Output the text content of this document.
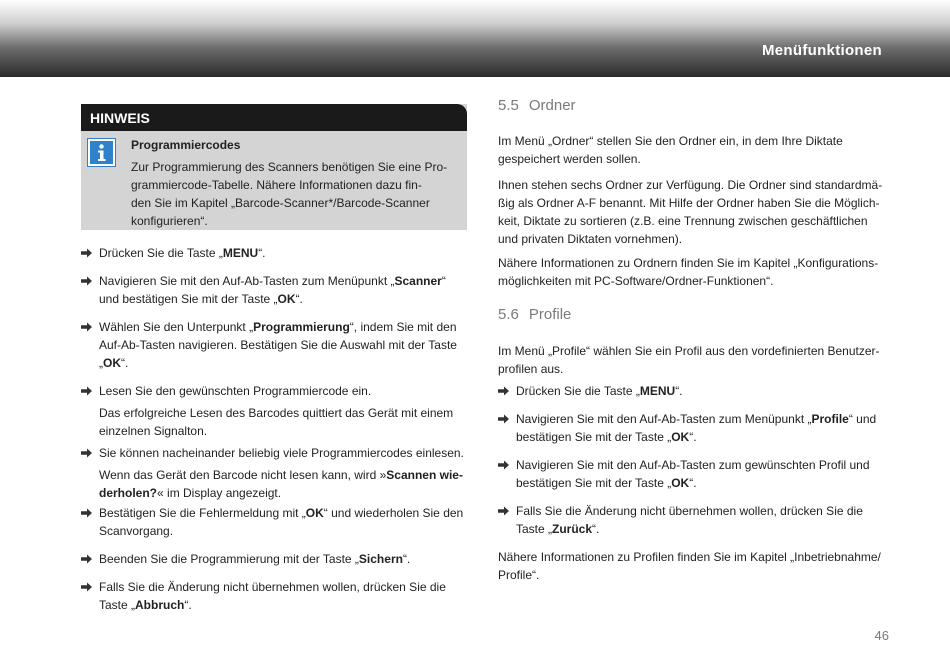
Menüfunktionen
HINWEIS
Programmiercodes
Zur Programmierung des Scanners benötigen Sie eine Pro-
grammiercode-Tabelle. Nähere Informationen dazu fin-
den Sie im Kapitel „Barcode-Scanner*/Barcode-Scanner
konfigurieren“.
Drücken Sie die Taste „MENU“.
Navigieren Sie mit den Auf-Ab-Tasten zum Menüpunkt „Scanner“
und bestätigen Sie mit der Taste „OK“.
Wählen Sie den Unterpunkt „Programmierung“, indem Sie mit den
Auf-Ab-Tasten navigieren. Bestätigen Sie die Auswahl mit der Taste
„OK“.
Lesen Sie den gewünschten Programmiercode ein.
Das erfolgreiche Lesen des Barcodes quittiert das Gerät mit einem
einzelnen Signalton.
Sie können nacheinander beliebig viele Programmiercodes einlesen.
Wenn das Gerät den Barcode nicht lesen kann, wird »Scannen wie-
derholen?« im Display angezeigt.
Bestätigen Sie die Fehlermeldung mit „OK“ und wiederholen Sie den
Scanvorgang.
Beenden Sie die Programmierung mit der Taste „Sichern“.
Falls Sie die Änderung nicht übernehmen wollen, drücken Sie die
Taste „Abbruch“.
5.5 Ordner
Im Menü „Ordner“ stellen Sie den Ordner ein, in dem Ihre Diktate
gespeichert werden sollen.
Ihnen stehen sechs Ordner zur Verfügung. Die Ordner sind standardmä-
ßig als Ordner A-F benannt. Mit Hilfe der Ordner haben Sie die Möglich-
keit, Diktate zu sortieren (z.B. eine Trennung zwischen geschäftlichen
und privaten Diktaten vornehmen).
Nähere Informationen zu Ordnern finden Sie im Kapitel „Konfigurations-
möglichkeiten mit PC-Software/Ordner-Funktionen“.
5.6 Profile
Im Menü „Profile“ wählen Sie ein Profil aus den vordefinierten Benutzer-
profilen aus.
Drücken Sie die Taste „MENU“.
Navigieren Sie mit den Auf-Ab-Tasten zum Menüpunkt „Profile“ und
bestätigen Sie mit der Taste „OK“.
Navigieren Sie mit den Auf-Ab-Tasten zum gewünschten Profil und
bestätigen Sie mit der Taste „OK“.
Falls Sie die Änderung nicht übernehmen wollen, drücken Sie die
Taste „Zurück“.
Nähere Informationen zu Profilen finden Sie im Kapitel „Inbetriebnahme/
Profile“.
46
